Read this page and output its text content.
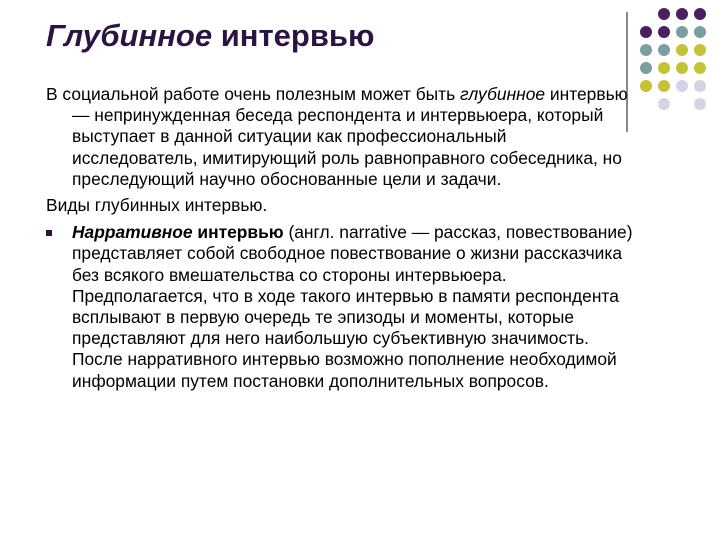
Глубинное интервью

В социальной работе очень полезным может быть глубинное интервью — непринужденная беседа респондента и интервьюера, который выступает в данной ситуации как профессиональный исследователь, имитирующий роль равноправного собеседника, но преследующий научно обоснованные цели и задачи.

Виды глубинных интервью.

Нарративное интервью (англ. narrative — рассказ, повествование) представляет собой свободное повествование о жизни рассказчика без всякого вмешательства со стороны интервьюера. Предполагается, что в ходе такого интервью в памяти респондента всплывают в первую очередь те эпизоды и моменты, которые представляют для него наибольшую субъективную значимость. После нарративного интервью возможно пополнение необходимой информации путем постановки дополнительных вопросов.
